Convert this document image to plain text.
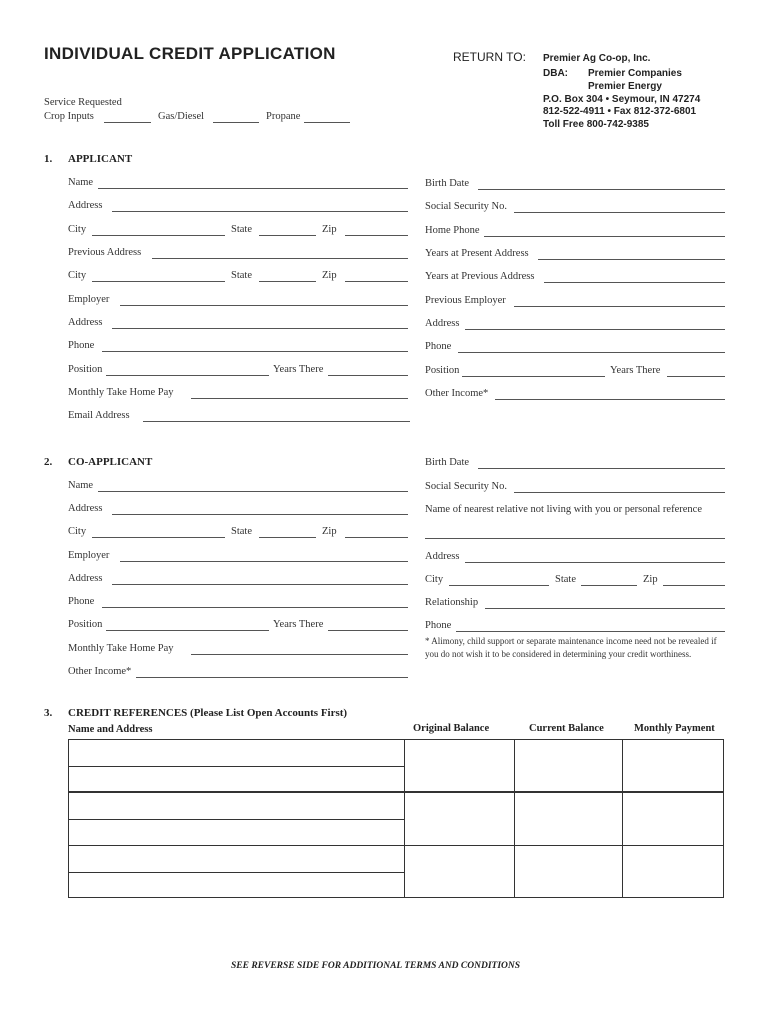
INDIVIDUAL CREDIT APPLICATION	RETURN TO: Premier Ag Co-op, Inc.
DBA: Premier Companies
Premier Energy
P.O. Box 304 • Seymour, IN 47274
812-522-4911 • Fax 812-372-6801
Toll Free 800-742-9385
Service Requested
Crop Inputs	Gas/Diesel	Propane
1. APPLICANT
Name
Address
City	State	Zip
Previous Address
City	State	Zip
Employer
Address
Phone
Position	Years There
Monthly Take Home Pay
Email Address
Birth Date
Social Security No.
Home Phone
Years at Present Address
Years at Previous Address
Previous Employer
Address
Phone
Position	Years There
Other Income*
2. CO-APPLICANT
Name
Address
City	State	Zip
Employer
Address
Phone
Position	Years There
Monthly Take Home Pay
Other Income*
Birth Date
Social Security No.
Name of nearest relative not living with you or personal reference
Address
City	State	Zip
Relationship
Phone
* Alimony, child support or separate maintenance income need not be revealed if you do not wish it to be considered in determining your credit worthiness.
3. CREDIT REFERENCES (Please List Open Accounts First)
Name and Address	Original Balance	Current Balance	Monthly Payment
SEE REVERSE SIDE FOR ADDITIONAL TERMS AND CONDITIONS
